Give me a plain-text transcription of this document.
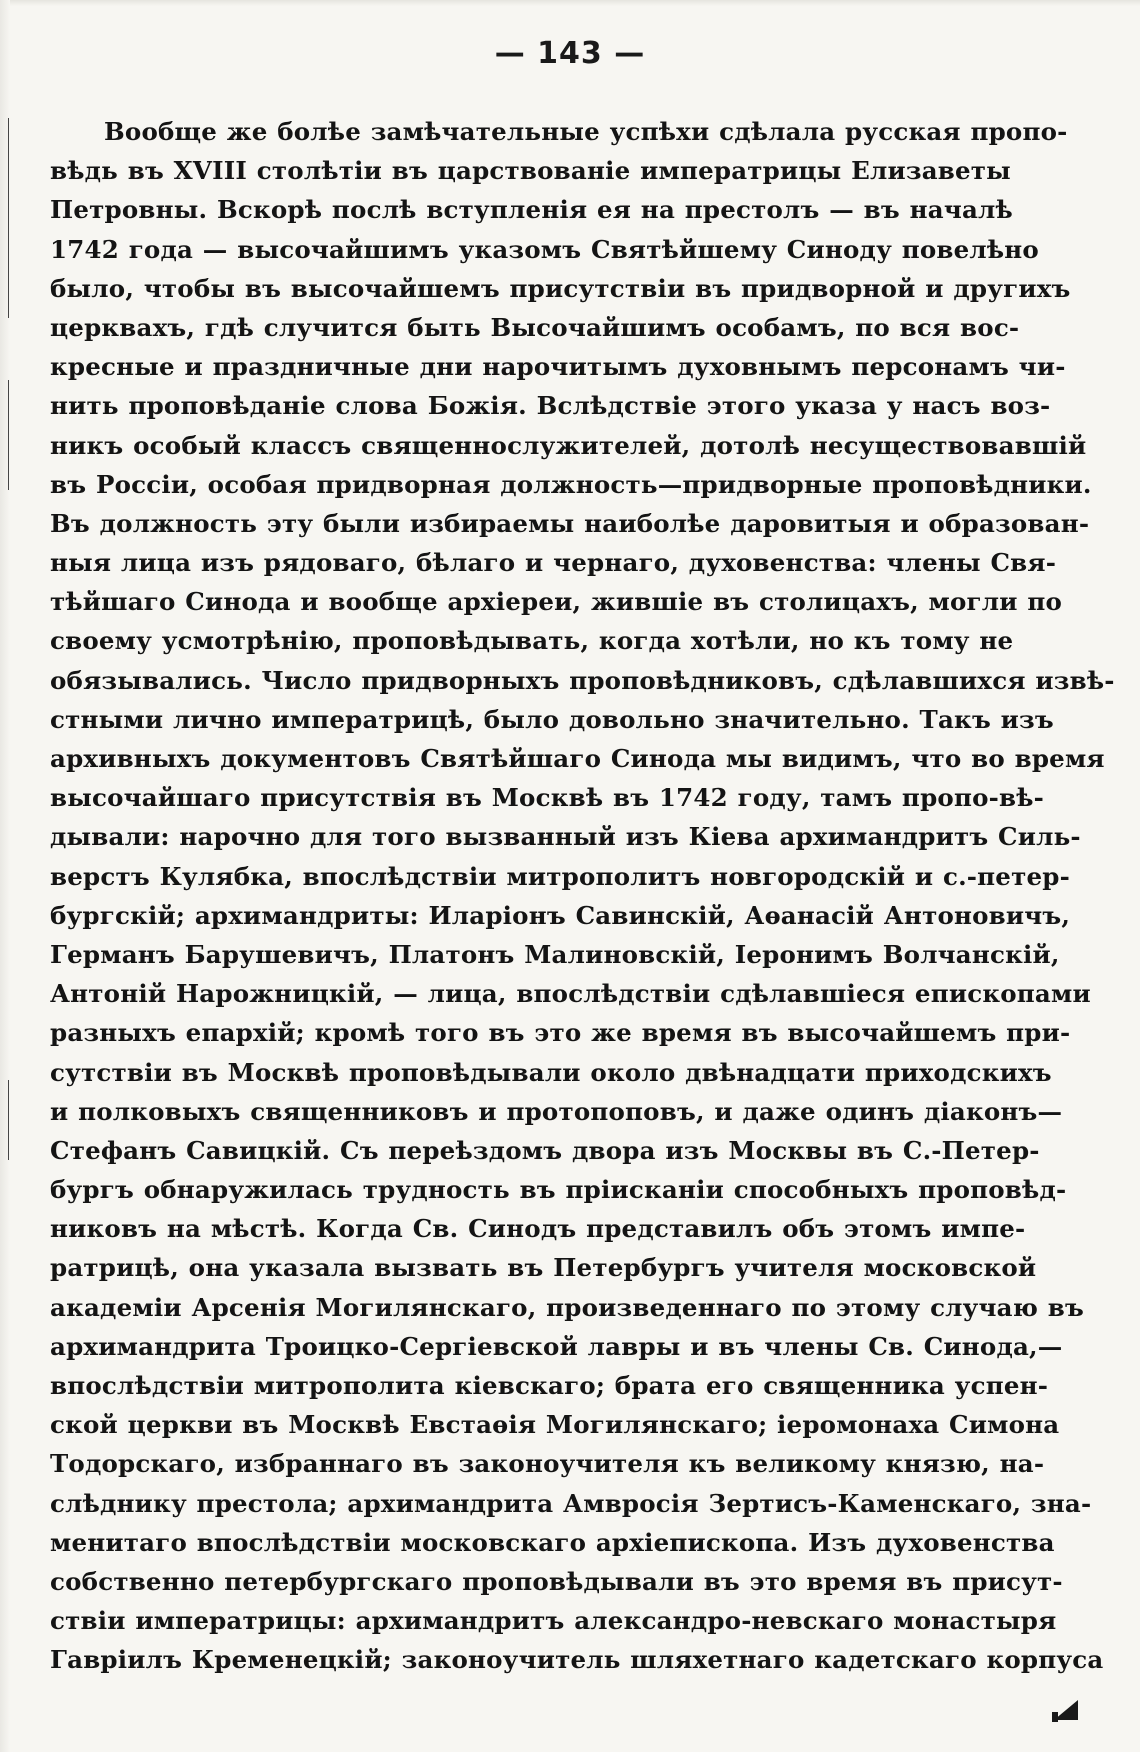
— 143 —
Вообще же болѣе замѣчательные успѣхи сдѣлала русская пропо-
вѣдь въ XVIII столѣтіи въ царствованіе императрицы Елизаветы
Петровны. Вскорѣ послѣ вступленія ея на престолъ — въ началѣ
1742 года — высочайшимъ указомъ Святѣйшему Синоду повелѣно
было, чтобы въ высочайшемъ присутствіи въ придворной и другихъ
церквахъ, гдѣ случится быть Высочайшимъ особамъ, по вся вос-
кресные и праздничные дни нарочитымъ духовнымъ персонамъ чи-
нить проповѣданіе слова Божія. Вслѣдствіе этого указа у насъ воз-
никъ особый классъ священнослужителей, дотолѣ несуществовавшій
въ Россіи, особая придворная должность—придворные проповѣдники.
Въ должность эту были избираемы наиболѣе даровитыя и образован-
ныя лица изъ рядоваго, бѣлаго и чернаго, духовенства: члены Свя-
тѣйшаго Синода и вообще архіереи, жившіе въ столицахъ, могли по
своему усмотрѣнію, проповѣдывать, когда хотѣли, но къ тому не
обязывались. Число придворныхъ проповѣдниковъ, сдѣлавшихся извѣ-
стными лично императрицѣ, было довольно значительно. Такъ изъ
архивныхъ документовъ Святѣйшаго Синода мы видимъ, что во время
высочайшаго присутствія въ Москвѣ въ 1742 году, тамъ пропо-вѣ-
дывали: нарочно для того вызванный изъ Кіева архимандритъ Силь-
верстъ Кулябка, впослѣдствіи митрополитъ новгородскій и с.-петер-
бургскій; архимандриты: Иларіонъ Савинскій, Аѳанасій Антоновичъ,
Германъ Барушевичъ, Платонъ Малиновскій, Іеронимъ Волчанскій,
Антоній Нарожницкій, — лица, впослѣдствіи сдѣлавшіеся епископами
разныхъ епархій; кромѣ того въ это же время въ высочайшемъ при-
сутствіи въ Москвѣ проповѣдывали около двѣнадцати приходскихъ
и полковыхъ священниковъ и протопоповъ, и даже одинъ діаконъ—
Стефанъ Савицкій. Съ переѣздомъ двора изъ Москвы въ С.-Петер-
бургъ обнаружилась трудность въ пріисканіи способныхъ проповѣд-
никовъ на мѣстѣ. Когда Св. Синодъ представилъ объ этомъ импе-
ратрицѣ, она указала вызвать въ Петербургъ учителя московской
академіи Арсенія Могилянскаго, произведеннаго по этому случаю въ
архимандрита Троицко-Сергіевской лавры и въ члены Св. Синода,—
впослѣдствіи митрополита кіевскаго; брата его священника успен-
ской церкви въ Москвѣ Евстаѳія Могилянскаго; іеромонаха Симона
Тодорскаго, избраннаго въ законоучителя къ великому князю, на-
слѣднику престола; архимандрита Амвросія Зертисъ-Каменскаго, зна-
менитаго впослѣдствіи московскаго архіепископа. Изъ духовенства
собственно петербургскаго проповѣдывали въ это время въ присут-
ствіи императрицы: архимандритъ александро-невскаго монастыря
Гавріилъ Кременецкій; законоучитель шляхетнаго кадетскаго корпуса
